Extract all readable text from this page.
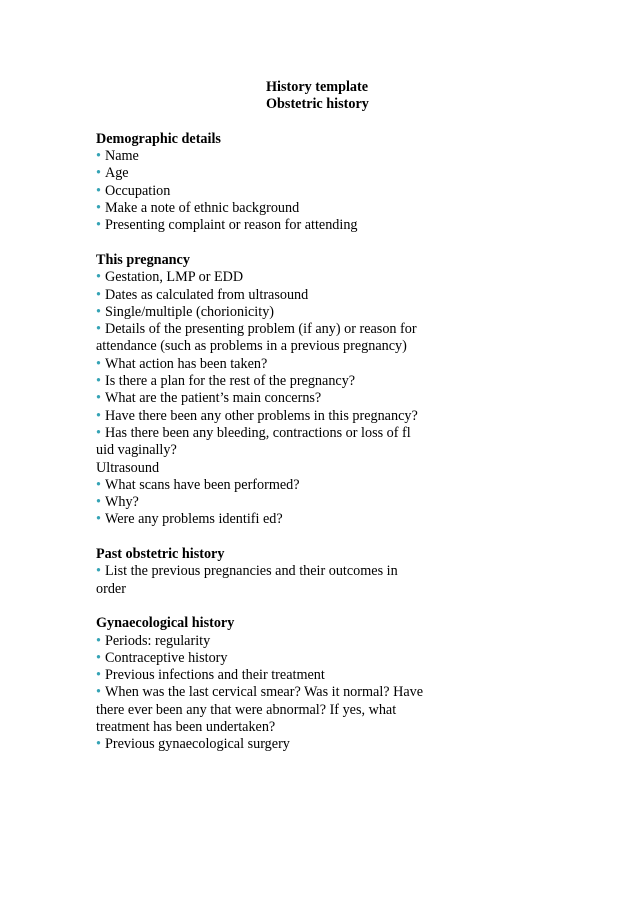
History template
Obstetric history
Demographic details
• Name
• Age
• Occupation
• Make a note of ethnic background
• Presenting complaint or reason for attending
This pregnancy
• Gestation, LMP or EDD
• Dates as calculated from ultrasound
• Single/multiple (chorionicity)
• Details of the presenting problem (if any) or reason for attendance (such as problems in a previous pregnancy)
• What action has been taken?
• Is there a plan for the rest of the pregnancy?
• What are the patient’s main concerns?
• Have there been any other problems in this pregnancy?
• Has there been any bleeding, contractions or loss of fl uid vaginally?
Ultrasound
• What scans have been performed?
• Why?
• Were any problems identifi ed?
Past obstetric history
• List the previous pregnancies and their outcomes in order
Gynaecological history
• Periods: regularity
• Contraceptive history
• Previous infections and their treatment
• When was the last cervical smear? Was it normal? Have there ever been any that were abnormal? If yes, what treatment has been undertaken?
• Previous gynaecological surgery
